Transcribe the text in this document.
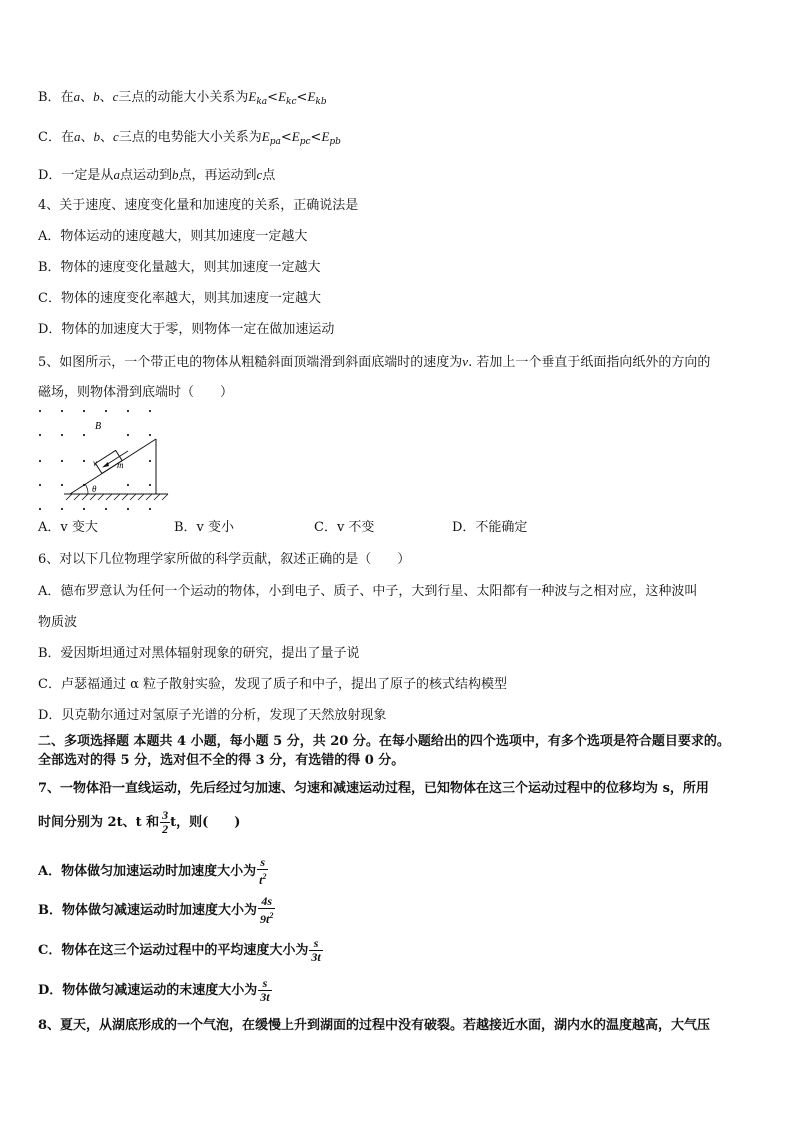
B．在a、b、c三点的动能大小关系为$E_{ka}<E_{kc}<E_{kb}$
C．在a、b、c三点的电势能大小关系为$E_{pa}<E_{pc}<E_{pb}$
D．一定是从a点运动到b点，再运动到c点
4、关于速度、速度变化量和加速度的关系，正确说法是
A．物体运动的速度越大，则其加速度一定越大
B．物体的速度变化量越大，则其加速度一定越大
C．物体的速度变化率越大，则其加速度一定越大
D．物体的加速度大于零，则物体一定在做加速运动
5、如图所示，一个带正电的物体从粗糙斜面顶端滑到斜面底端时的速度为v. 若加上一个垂直于纸面指向纸外的方向的
磁场，则物体滑到底端时（　　）
B
m
v
θ
A．v 变大	B．v 变小	C．v 不变	D．不能确定
6、对以下几位物理学家所做的科学贡献，叙述正确的是（　　）
A．德布罗意认为任何一个运动的物体，小到电子、质子、中子，大到行星、太阳都有一种波与之相对应，这种波叫
物质波
B．爱因斯坦通过对黑体辐射现象的研究，提出了量子说
C．卢瑟福通过 α 粒子散射实验，发现了质子和中子，提出了原子的核式结构模型
D．贝克勒尔通过对氢原子光谱的分析，发现了天然放射现象
二、多项选择题 本题共 4 小题，每小题 5 分，共 20 分。在每小题给出的四个选项中，有多个选项是符合题目要求的。
全部选对的得 5 分，选对但不全的得 3 分，有选错的得 0 分。
7、一物体沿一直线运动，先后经过匀加速、匀速和减速运动过程，已知物体在这三个运动过程中的位移均为 s，所用
时间分别为 2t、t 和 $\frac{3}{2}$ t，则(　　)
A．物体做匀加速运动时加速度大小为 $\frac{s}{t^2}$
B．物体做匀减速运动时加速度大小为 $\frac{4s}{9t^2}$
C．物体在这三个运动过程中的平均速度大小为 $\frac{s}{3t}$
D．物体做匀减速运动的末速度大小为 $\frac{s}{3t}$
8、夏天，从湖底形成的一个气泡，在缓慢上升到湖面的过程中没有破裂。若越接近水面，湖内水的温度越高，大气压
